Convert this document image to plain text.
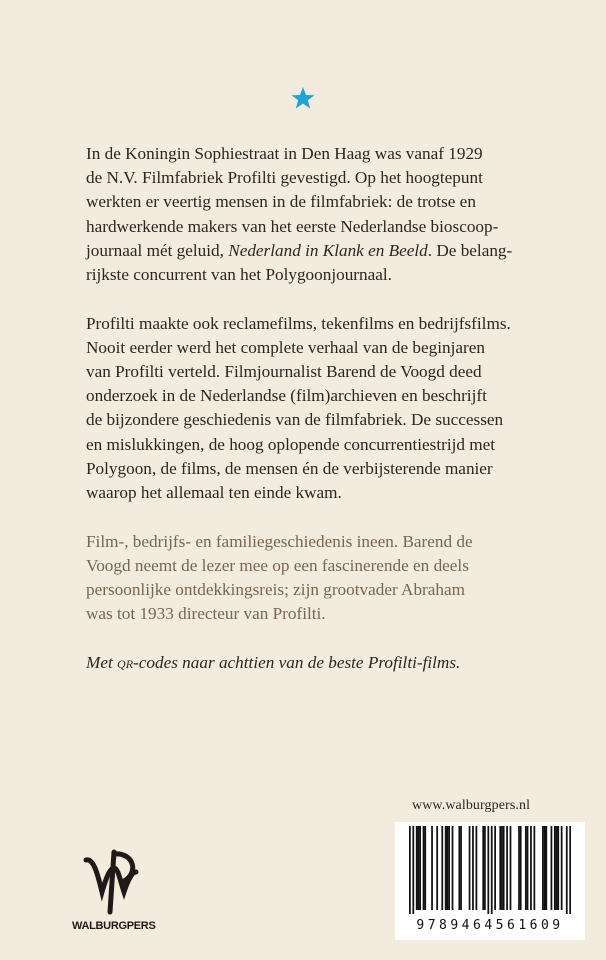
In de Koningin Sophiestraat in Den Haag was vanaf 1929
de N.V. Filmfabriek Profilti gevestigd. Op het hoogtepunt
werkten er veertig mensen in de filmfabriek: de trotse en
hardwerkende makers van het eerste Nederlandse bioscoop-
journaal mét geluid, Nederland in Klank en Beeld. De belang-
rijkste concurrent van het Polygoonjournaal.

Profilti maakte ook reclamefilms, tekenfilms en bedrijfsfilms.
Nooit eerder werd het complete verhaal van de beginjaren
van Profilti verteld. Filmjournalist Barend de Voogd deed
onderzoek in de Nederlandse (film)archieven en beschrijft
de bijzondere geschiedenis van de filmfabriek. De successen
en mislukkingen, de hoog oplopende concurrentiestrijd met
Polygoon, de films, de mensen én de verbijsterende manier
waarop het allemaal ten einde kwam.

Film-, bedrijfs- en familiegeschiedenis ineen. Barend de
Voogd neemt de lezer mee op een fascinerende en deels
persoonlijke ontdekkingsreis; zijn grootvader Abraham
was tot 1933 directeur van Profilti.

Met qr-codes naar achttien van de beste Profilti-films.

www.walburgpers.nl
9789464561609
WALBURGPERS
